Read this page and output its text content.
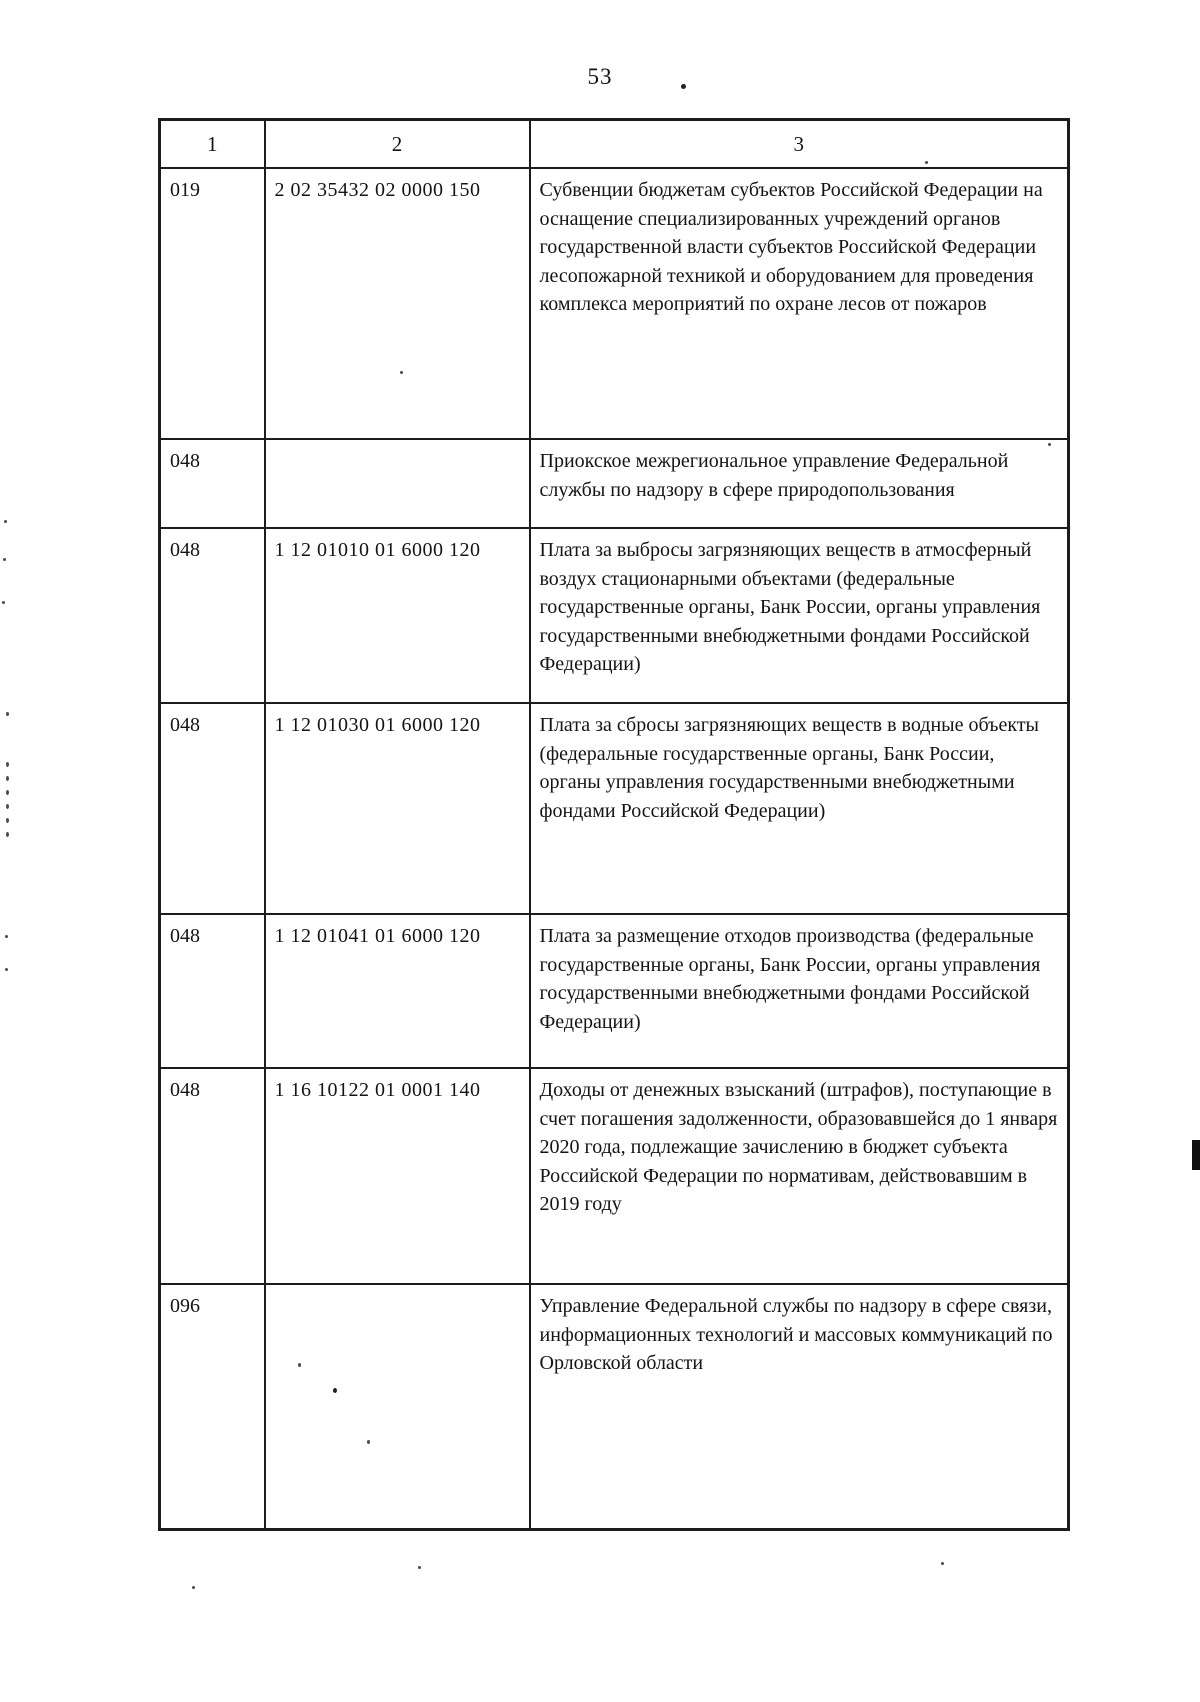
53
1	2	3
019	2 02 35432 02 0000 150	Субвенции бюджетам субъектов Российской Федерации на оснащение специализированных учреждений органов государственной власти субъектов Российской Федерации лесопожарной техникой и оборудованием для проведения комплекса мероприятий по охране лесов от пожаров
048		Приокское межрегиональное управление Федеральной службы по надзору в сфере природопользования
048	1 12 01010 01 6000 120	Плата за выбросы загрязняющих веществ в атмосферный воздух стационарными объектами (федеральные государственные органы, Банк России, органы управления государственными внебюджетными фондами Российской Федерации)
048	1 12 01030 01 6000 120	Плата за сбросы загрязняющих веществ в водные объекты (федеральные государственные органы, Банк России, органы управления государственными внебюджетными фондами Российской Федерации)
048	1 12 01041 01 6000 120	Плата за размещение отходов производства (федеральные государственные органы, Банк России, органы управления государственными внебюджетными фондами Российской Федерации)
048	1 16 10122 01 0001 140	Доходы от денежных взысканий (штрафов), поступающие в счет погашения задолженности, образовавшейся до 1 января 2020 года, подлежащие зачислению в бюджет субъекта Российской Федерации по нормативам, действовавшим в 2019 году
096		Управление Федеральной службы по надзору в сфере связи, информационных технологий и массовых коммуникаций по Орловской области
